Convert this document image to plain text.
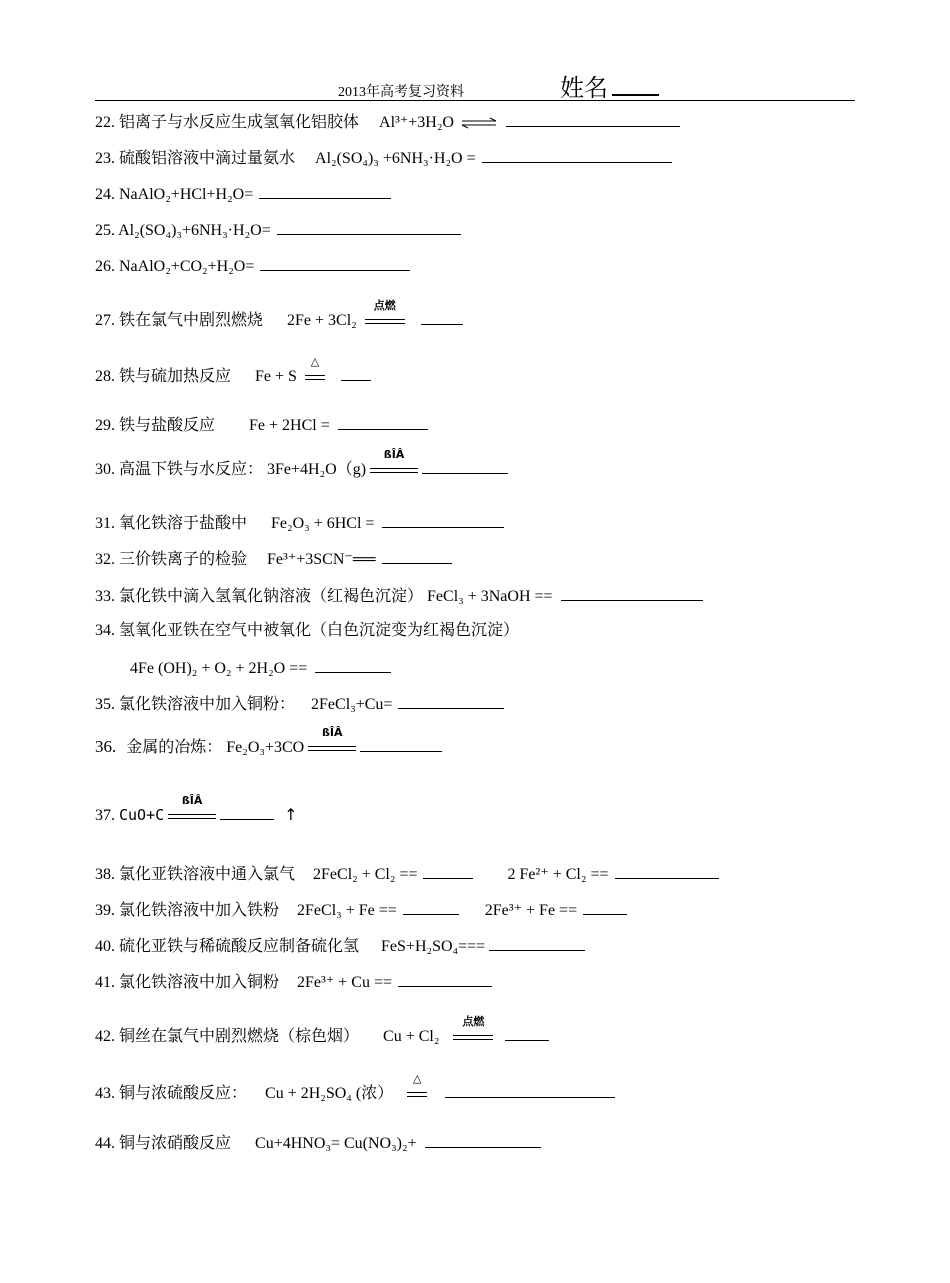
2013年高考复习资料	姓名
22. 铝离子与水反应生成氢氧化铝胶体 Al³⁺+3H₂O ⇌
23. 硫酸铝溶液中滴过量氨水 Al₂(SO₄)₃ +6NH₃·H₂O =
24. NaAlO₂+HCl+H₂O=
25. Al₂(SO₄)₃+6NH₃·H₂O=
26. NaAlO₂+CO₂+H₂O=
27. 铁在氯气中剧烈燃烧 2Fe + 3Cl₂
点燃

28. 铁与硫加热反应 Fe + S
△

29. 铁与盐酸反应 Fe + 2HCl =
30. 高温下铁与水反应： 3Fe+4H₂O（g)
ßÎÂ

31. 氧化铁溶于盐酸中 Fe₂O₃ + 6HCl =
32. 三价铁离子的检验 Fe³⁺+3SCN⁻══
33. 氯化铁中滴入氢氧化钠溶液（红褐色沉淀） FeCl₃ + 3NaOH ==
34. 氢氧化亚铁在空气中被氧化（白色沉淀变为红褐色沉淀）
4Fe (OH)₂ + O₂ + 2H₂O ==
35. 氯化铁溶液中加入铜粉： 2FeCl₃+Cu=
36. 金属的冶炼： Fe₂O₃+3CO
ßÎÂ

37. CuO+C
ßÎÂ
↑
38. 氯化亚铁溶液中通入氯气 2FeCl₂ + Cl₂ ==	2 Fe²⁺ + Cl₂ ==
39. 氯化铁溶液中加入铁粉 2FeCl₃ + Fe ==	2Fe³⁺ + Fe ==
40. 硫化亚铁与稀硫酸反应制备硫化氢 FeS+H₂SO₄===
41. 氯化铁溶液中加入铜粉 2Fe³⁺ + Cu ==
42. 铜丝在氯气中剧烈燃烧（棕色烟） Cu + Cl₂
点燃

43. 铜与浓硫酸反应： Cu + 2H₂SO₄ (浓）
△

44. 铜与浓硝酸反应 Cu+4HNO₃= Cu(NO₃)₂+
